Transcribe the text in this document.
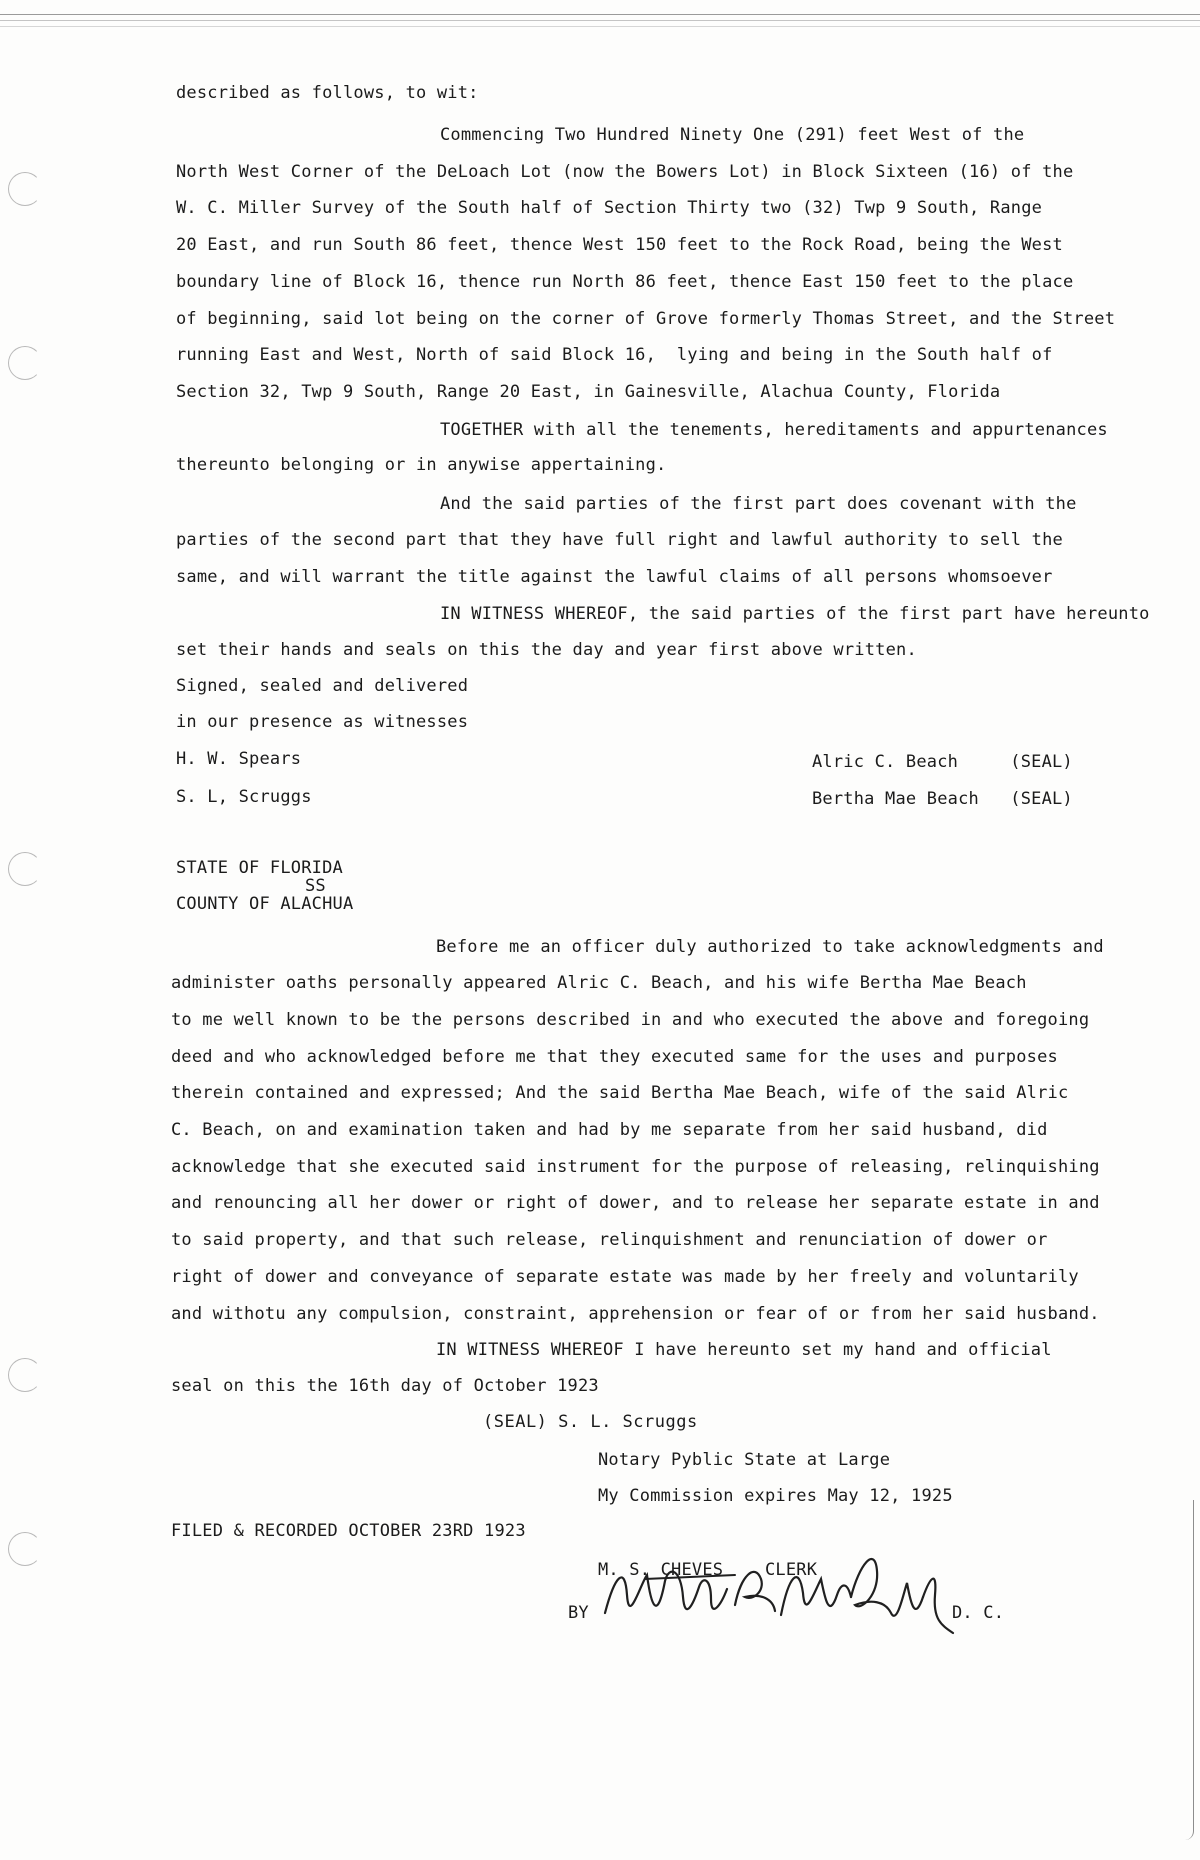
described as follows, to wit:
Commencing Two Hundred Ninety One (291) feet West of the
North West Corner of the DeLoach Lot (now the Bowers Lot) in Block Sixteen (16) of the
W. C. Miller Survey of the South half of Section Thirty two (32) Twp 9 South, Range
20 East, and run South 86 feet, thence West 150 feet to the Rock Road, being the West
boundary line of Block 16, thence run North 86 feet, thence East 150 feet to the place
of beginning, said lot being on the corner of Grove formerly Thomas Street, and the Street
running East and West, North of said Block 16,  lying and being in the South half of
Section 32, Twp 9 South, Range 20 East, in Gainesville, Alachua County, Florida
TOGETHER with all the tenements, hereditaments and appurtenances
thereunto belonging or in anywise appertaining.
And the said parties of the first part does covenant with the
parties of the second part that they have full right and lawful authority to sell the
same, and will warrant the title against the lawful claims of all persons whomsoever
IN WITNESS WHEREOF, the said parties of the first part have hereunto
set their hands and seals on this the day and year first above written.
Signed, sealed and delivered
in our presence as witnesses
H. W. Spears
S. L, Scruggs
Alric C. Beach     (SEAL)
Bertha Mae Beach   (SEAL)
STATE OF FLORIDA
SS
COUNTY OF ALACHUA
Before me an officer duly authorized to take acknowledgments and
administer oaths personally appeared Alric C. Beach, and his wife Bertha Mae Beach
to me well known to be the persons described in and who executed the above and foregoing
deed and who acknowledged before me that they executed same for the uses and purposes
therein contained and expressed; And the said Bertha Mae Beach, wife of the said Alric
C. Beach, on and examination taken and had by me separate from her said husband, did
acknowledge that she executed said instrument for the purpose of releasing, relinquishing
and renouncing all her dower or right of dower, and to release her separate estate in and
to said property, and that such release, relinquishment and renunciation of dower or
right of dower and conveyance of separate estate was made by her freely and voluntarily
and withotu any compulsion, constraint, apprehension or fear of or from her said husband.
IN WITNESS WHEREOF I have hereunto set my hand and official
seal on this the 16th day of October 1923
(SEAL) S. L. Scruggs
Notary Pyblic State at Large
My Commission expires May 12, 1925
FILED & RECORDED OCTOBER 23RD 1923
M. S. CHEVES    CLERK
BY	D. C.
